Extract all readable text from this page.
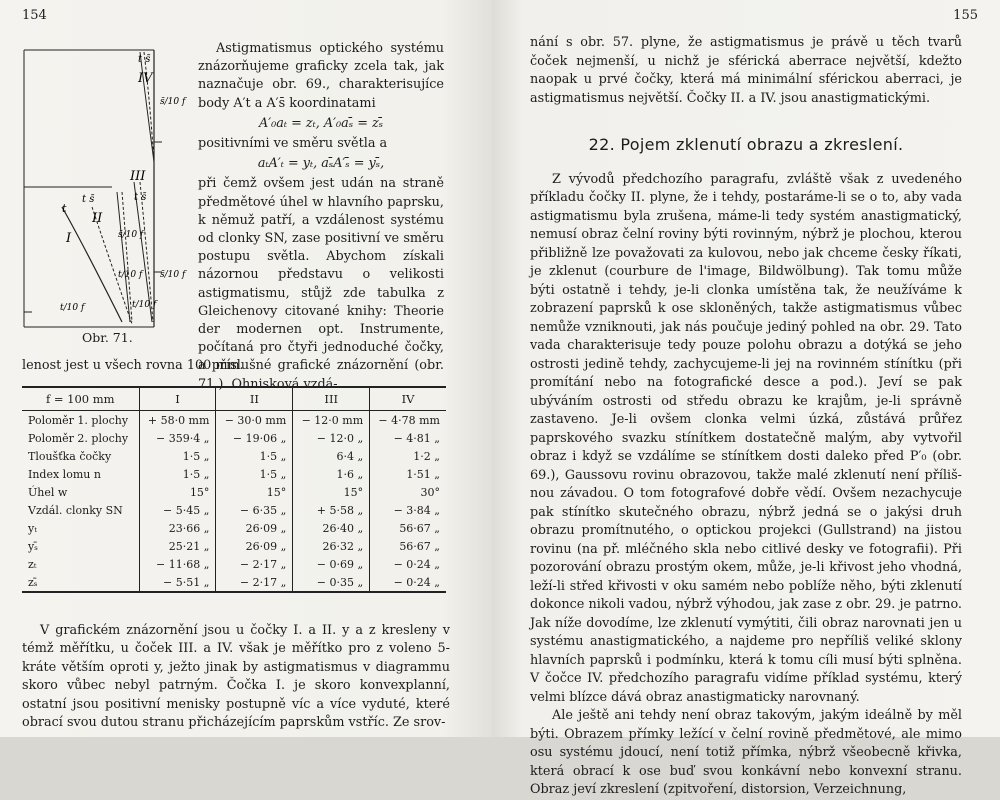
154
t s̄
IV
s̄/10 f
III
t s̄
t s̄
t
II
I	s̄/10 f
t/10 f s̄/10 f
t/10 f
t/10 f
Obr. 71.

Astigmatismus optického systému znázorňujeme graficky zcela tak, jak naznačuje obr. 69., charakterisujíce body A′t a A′s̄ koordinatami

A′₀aₜ = zₜ, A′₀aₛ̄ = zₛ̄

positivními ve směru světla a

aₜA′ₜ = yₜ, aₛ̄A′ₛ̄ = yₛ̄,

při čemž ovšem jest udán na straně předmětové úhel w hlavního paprsku, k němuž patří, a vzdálenost systému od clonky SN, zase positivní ve směru postupu světla. Abychom získali názornou představu o velikosti astigmatismu, stůjž zde tabulka z Gleichenovy citované knihy: Theorie der modernen opt. Instrumente, počítaná pro čtyři jednoduché čočky, a příslušné grafické znázornění (obr. 71.). Ohnisková vzdá-

lenost jest u všech rovna 100 mm.
f = 100 mm	I	II	III	IV
Poloměr 1. plochy	+ 58·0 mm	− 30·0 mm	− 12·0 mm	− 4·78 mm
Poloměr 2. plochy	− 359·4 „	− 19·06 „	− 12·0 „	− 4·81 „
Tloušťka čočky	1·5 „	1·5 „	6·4 „	1·2 „
Index lomu n	1·5 „	1·5 „	1·6 „	1·51 „
Úhel w	15°	15°	15°	30°
Vzdál. clonky SN	− 5·45 „	− 6·35 „	+ 5·58 „	− 3·84 „
yₜ	23·66 „	26·09 „	26·40 „	56·67 „
yₛ̄	25·21 „	26·09 „	26·32 „	56·67 „
zₜ	− 11·68 „	− 2·17 „	− 0·69 „	− 0·24 „
zₛ̄	− 5·51 „	− 2·17 „	− 0·35 „	− 0·24 „

V grafickém znázornění jsou u čočky I. a II. y a z kresleny v témž měřítku, u čoček III. a IV. však je měřítko pro z voleno 5-kráte větším oproti y, ježto jinak by astigmatismus v diagrammu skoro vůbec nebyl patrným. Čočka I. je skoro konvexplanní, ostatní jsou positivní menisky postupně víc a více vyduté, které obrací svou dutou stranu přicházejícím paprskům vstříc. Ze srov-

155

nání s obr. 57. plyne, že astigmatismus je právě u těch tvarů čoček nejmenší, u nichž je sférická aberrace největší, kdežto naopak u prvé čočky, která má minimální sférickou aberraci, je astigmatismus největší. Čočky II. a IV. jsou anastigmatickými.

22. Pojem zklenutí obrazu a zkreslení.

Z vývodů předchozího paragrafu, zvláště však z uvedeného příkladu čočky II. plyne, že i tehdy, postaráme-li se o to, aby vada astigmatismu byla zrušena, máme-li tedy systém anastigmatický, nemusí obraz čelní roviny býti rovinným, nýbrž je plochou, kterou přibližně lze považovati za kulovou, nebo jak chceme česky říkati, je zklenut (courbure de l'image, Bildwölbung). Tak tomu může býti ostatně i tehdy, je-li clonka umístěna tak, že neužíváme k zobrazení paprsků k ose skloněných, takže astigmatismus vůbec nemůže vzniknouti, jak nás poučuje jediný pohled na obr. 29. Tato vada charakterisuje tedy pouze polohu obrazu a dotýká se jeho ostrosti jedině tehdy, zachycujeme-li jej na rovinném stínítku (při promítání nebo na fotografické desce a pod.). Jeví se pak ubýváním ostrosti od středu obrazu ke krajům, je-li správně zastaveno. Je-li ovšem clonka velmi úzká, zůstává průřez paprskového svazku stínítkem dostatečně malým, aby vytvořil obraz i když se vzdálíme se stínítkem dosti daleko před P′₀ (obr. 69.), Gaussovu rovinu obrazovou, takže malé zklenutí není přílišnou závadou. O tom fotografové dobře vědí. Ovšem nezachycuje pak stínítko skutečného obrazu, nýbrž jedná se o jakýsi druh obrazu promítnutého, o optickou projekci (Gullstrand) na jistou rovinu (na př. mléčného skla nebo citlivé desky ve fotografii). Při pozorování obrazu prostým okem, může, je-li křivost jeho vhodná, leží-li střed křivosti v oku samém nebo poblíže něho, býti zklenutí dokonce nikoli vadou, nýbrž výhodou, jak zase z obr. 29. je patrno. Jak níže dovodíme, lze zklenutí vymýtiti, čili obraz narovnati jen u systému anastigmatického, a najdeme pro nepříliš veliké sklony hlavních paprsků i podmínku, která k tomu cíli musí býti splněna. V čočce IV. předchozího paragrafu vidíme příklad systému, který velmi blízce dává obraz anastigmaticky narovnaný.

Ale ještě ani tehdy není obraz takovým, jakým ideálně by měl býti. Obrazem přímky ležící v čelní rovině předmětové, ale mimo osu systému jdoucí, není totiž přímka, nýbrž všeobecně křivka, která obrací k ose buď svou konkávní nebo konvexní stranu. Obraz jeví zkreslení (zpitvoření, distorsion, Verzeichnung,
